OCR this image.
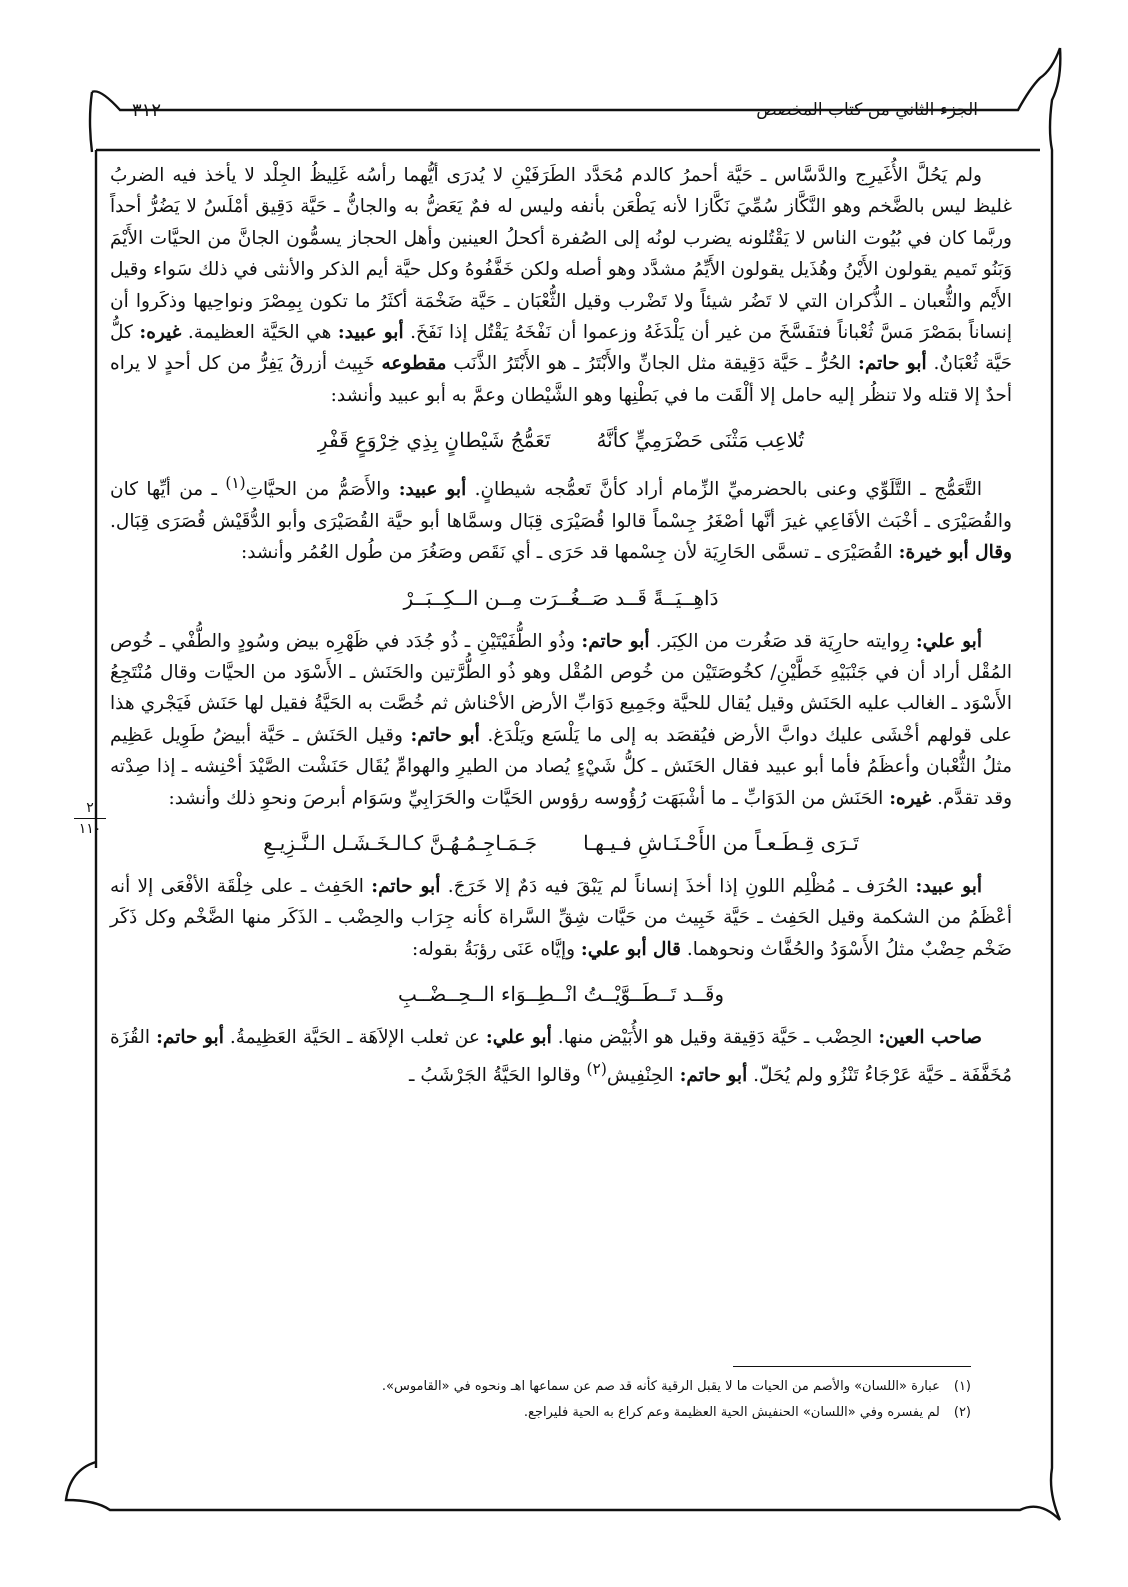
الجزء الثاني من كتاب المخصص
٣١٢
٢
١١٠

ولم يَحُلَّ الأُغَيرِج والدَّسَّاس ـ حَيَّة أحمرُ كالدم مُحَدَّد الطَرَفَيْنِ لا يُدرَى أيُّهما رأسُه غَلِيظُ الجِلْد لا يأخذ فيه الضربُ غليظ ليس بالضَّخم وهو النَّكَّاز سُمِّيَ نَكَّازا لأنه يَطْعَن بأنفه وليس له فمٌ يَعَضُّ به والجانُّ ـ حَيَّة دَقِيق أمْلَسُ لا يَضُرُّ أحداً وربَّما كان في بُيُوت الناس لا يَقْتُلونه يضرب لونُه إلى الصُفرة أكحلُ العينين وأهل الحجاز يسمُّون الجانَّ من الحيَّات الأَيْمَ وَبَنُو تَميم يقولون الأَيْنُ وهُذَيل يقولون الأَيِّمُ مشدَّد وهو أصله ولكن خَفَّفُوهُ وكل حيَّة أيم الذكر والأنثى في ذلك سَواء وقيل الأَيْم والثُّعبان ـ الذُّكران التي لا تَضُر شيئاً ولا تَضْرب وقيل الثُّعْبَان ـ حَيَّة ضَخْمَة أكثَرُ ما تكون بِمِصْرَ ونواحِيها وذكَروا أن إنساناً بمَصْرَ مَسَّ ثُعْباناً فتفَسَّخَ من غير أن يَلْدَغَهُ وزعموا أن نَفْخَهُ يَقْتُل إذا نَفَخَ. أبو عبيد: هي الحَيَّة العظيمة. غيره: كلُّ حَيَّة ثُعْبَانٌ. أبو حاتم: الحُرُّ ـ حَيَّة دَقِيقة مثل الجانِّ والأَبْتَرُ ـ هو الأَبْتَرُ الذَّنَب مقطوعه خَبِيث أزرقُ يَفِرُّ من كل أحدٍ لا يراه أحدٌ إلا قتله ولا تنظُر إليه حامل إلا ألْقَت ما في بَطْنِها وهو الشَّيْطان وعمَّ به أبو عبيد وأنشد:

تُلاعِب مَثْنَى حَضْرَمِيٍّ كأنَّهُ
تَعَمُّجُ شَيْطانٍ بِذِي خِرْوَعٍ قَفْرِ

التَّعَمُّج ـ التَّلَوِّي وعنى بالحضرميِّ الزِّمام أراد كأنَّ تَعمُّجه شيطانٍ. أبو عبيد: والأَصَمُّ من الحيَّاتِ$^{(١)}$ ـ من أيِّها كان والقُصَيْرَى ـ أخْبَث الأفَاعِي غيرَ أنَّها أصْغَرُ جِسْماً قالوا قُصَيْرَى قِبَال وسمَّاها أبو حيَّة القُصَيْرَى وأبو الدُّقَيْش قُصَرَى قِبَال. وقال أبو خيرة: القُصَيْرَى ـ تسمَّى الحَارِيَة لأن جِسْمها قد حَرَى ـ أي نَقَص وصَغُرَ من طُول العُمُر وأنشد:

دَاهِــيَــةً قَــد صَــغُــرَت مِــن الــكِــبَــرْ

أبو علي: رِوايته حارِيَة قد صَغُرت من الكِبَر. أبو حاتم: وذُو الطُّفَيْتَيْنِ ـ ذُو جُدَد في ظَهْرِه بيض وسُودٍ والطُّفْي ـ خُوص المُقْل أراد أن في جَنْبَيْهِ خَطَّيْنِ/ كخُوصَتَيْن من خُوص المُقْل وهو ذُو الطُّرَّتين والحَنَش ـ الأَسْوَد من الحيَّات وقال مُنْتَجِعُ الأَسْوَد ـ الغالب عليه الحَنَش وقيل يُقال للحيَّة وجَمِيع دَوَابِّ الأرض الأحْناش ثم خُصَّت به الحَيَّةُ فقيل لها حَنَش فَيَجْري هذا على قولهم أخْشَى عليك دوابَّ الأرض فيُقصَد به إلى ما يَلْسَع ويَلْدَغ. أبو حاتم: وقيل الحَنَش ـ حَيَّة أبيضُ طَوِيل عَظِيم مثلُ الثُّعْبان وأعظَمُ فأما أبو عبيد فقال الحَنَش ـ كلُّ شَيْءٍ يُصاد من الطيرِ والهوامِّ يُقَال حَنَشْت الصَّيْدَ أحْنِشه ـ إذا صِدْته وقد تقدَّم. غيره: الحَنَش من الدَوَابِّ ـ ما أشْبَهَت رُؤُوسه رؤوس الحَيَّات والحَرَابِيِّ وسَوَام أبرصَ ونحوِ ذلك وأنشد:

تَـرَى قِـطَـعـاً من الأَحْـنَـاشِ فـيـهـا
جَـمَـاجِـمُـهُـنَّ كـالـخَـشَـل الـنَّـزِيـعِ

أبو عبيد: الحُرَف ـ مُظْلِم اللونِ إذا أخذَ إنساناً لم يَبْقَ فيه دَمٌ إلا خَرَجَ. أبو حاتم: الحَفِث ـ على خِلْقَة الأفْعَى إلا أنه أعْظَمُ من الشكمة وقيل الحَفِث ـ حَيَّة خَبِيث من حَيَّات شِقِّ السَّراة كأنه جِرَاب والحِضْب ـ الذَكَر منها الضَّخْم وكل ذَكَر ضَخْم حِضْبٌ مثلُ الأَسْوَدُ والحُفَّاث ونحوهما. قال أبو علي: وإيَّاه عَنَى رؤبَةُ بقوله:

وقَــد تَــطَــوَّيْــتُ انْــطِــوَاء الــحِــضْــبِ

صاحب العين: الحِضْب ـ حَيَّة دَقِيقة وقيل هو الأُبَيْض منها. أبو علي: عن ثعلب الإلاَهَة ـ الحَيَّة العَظِيمةُ. أبو حاتم: القُزَة مُخَفَّفَة ـ حَيَّة عَرْجَاءُ تَنْزُو ولم يُحَلّ. أبو حاتم: الحِنْفِيش$^{(٢)}$ وقالوا الحَيَّةُ الجَرْشَبُ ـ

(١)
عبارة «اللسان» والأصم من الحيات ما لا يقبل الرقية كأنه قد صم عن سماعها اهـ ونحوه في «القاموس».
(٢)
لم يفسره وفي «اللسان» الحنفيش الحية العظيمة وعم كراع به الحية فليراجع.
